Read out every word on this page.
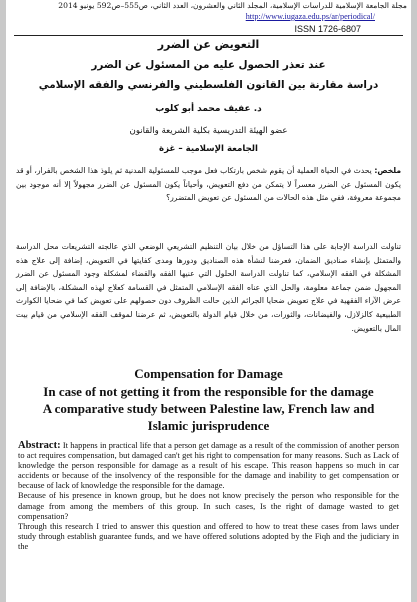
مجلة الجامعة الإسلامية للدراسات الإسلامية، المجلد الثاني والعشرون، العدد الثاني، ص555–ص592 يونيو 2014
http://www.iugaza.edu.ps/ar/periodical/
ISSN 1726-6807
التعويض عن الضرر
عند تعذر الحصول عليه من المسئول عن الضرر
دراسة مقارنة بين القانون الفلسطيني والفرنسي والفقه الإسلامي
د. عفيف محمد أبو كلوب
عضو الهيئة التدريسية بكلية الشريعة والقانون
الجامعة الإسلامية – غزة

ملخص: يحدث في الحياة العملية أن يقوم شخص بارتكاب فعل موجب للمسئولية المدنية ثم يلوذ هذا الشخص بالفرار، أو قد يكون المسئول عن الضرر معسراً لا يتمكن من دفع التعويض، وأحياناً يكون المسئول عن الضرر مجهولاً إلا أنه موجود بين مجموعة معروفة، ففي مثل هذه الحالات من المسئول عن تعويض المتضرر؟

تناولت الدراسة الإجابة على هذا التساؤل من خلال بيان التنظيم التشريعي الوضعي الذي عالجته التشريعات محل الدراسة والمتمثل بإنشاء صناديق الضمان، فعرضنا لنشأة هذه الصناديق ودورها ومدى كفايتها في التعويض، إضافة إلى علاج هذه المشكلة في الفقه الإسلامي، كما تناولت الدراسة الحلول التي عنيها الفقه والقضاء لمشكلة وجود المسئول عن الضرر المجهول ضمن جماعة معلومة، والحل الذي عناه الفقه الإسلامي المتمثل في القسامة كعلاج لهذه المشكلة، بالإضافة إلى عرض الآراء الفقهية في علاج تعويض ضحايا الجرائم الذين حالت الظروف دون حصولهم على تعويض كما في ضحايا الكوارث الطبيعية كالزلازل، والفيضانات، والثورات، من خلال قيام الدولة بالتعويض، ثم عرضنا لموقف الفقه الإسلامي من قيام بيت المال بالتعويض.

Compensation for Damage
In case of not getting it from the responsible for the damage
A comparative study between Palestine law, French law and
Islamic jurisprudence

Abstract: It happens in practical life that a person get damage as a result of the commission of another person to act requires compensation, but damaged can't get his right to compensation for many reasons. Such as Lack of knowledge the person responsible for damage as a result of his escape. This reason happens so much in car accidents or because of the insolvency of the responsible for the damage and inability to get compensation or because of lack of knowledge the responsible for the damage.

Because of his presence in known group, but he does not know precisely the person who responsible for the damage from among the members of this group. In such cases, Is the right of damage wasted to get compensation?

Through this research I tried to answer this question and offered to how to treat these cases from laws under study through establish guarantee funds, and we have offered solutions adopted by the Fiqh and the judiciary in the
